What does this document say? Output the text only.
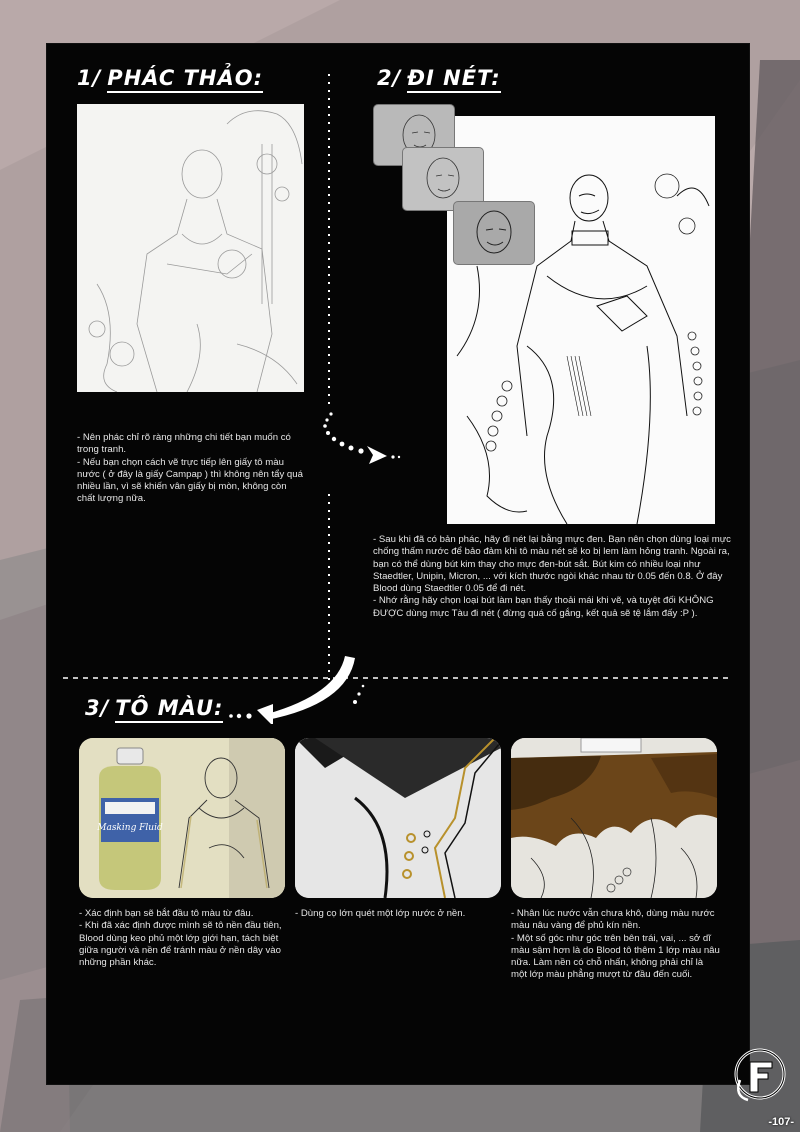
1/ PHÁC THẢO:

- Nên phác chỉ rõ ràng những chi tiết bạn muốn có trong tranh.

- Nếu bạn chọn cách vẽ trực tiếp lên giấy tô màu nước ( ở đây là giấy Campap ) thì không nên tẩy quá nhiều lần, vì sẽ khiến vân giấy bị mòn, không còn chất lượng nữa.

2/ ĐI NÉT:

- Sau khi đã có bản phác, hãy đi nét lại bằng mực đen. Bạn nên chọn dùng loại mực chống thấm nước để bảo đảm khi tô màu nét sẽ ko bị lem làm hỏng tranh. Ngoài ra, bạn có thể dùng bút kim thay cho mực đen-bút sắt. Bút kim có nhiều loại như Staedtler, Unipin, Micron, ... với kích thước ngòi khác nhau từ 0.05 đến 0.8. Ở đây Blood dùng Staedtler 0.05 để đi nét.

- Nhớ rằng hãy chọn loại bút làm bạn thấy thoải mái khi vẽ, và tuyệt đối KHÔNG ĐƯỢC dùng mực Tàu đi nét ( đừng quá cố gắng, kết quả sẽ tệ lắm đấy :P ).

3/ TÔ MÀU:
Masking Fluid

- Xác định bạn sẽ bắt đầu tô màu từ đâu.

- Khi đã xác định được mình sẽ tô nền đầu tiên, Blood dùng keo phủ một lớp giới hạn, tách biệt giữa người và nền để tránh màu ở nền dây vào những phần khác.

- Dùng cọ lớn quét một lớp nước ở nền.	- Nhân lúc nước vẫn chưa khô, dùng màu nước màu nâu vàng để phủ kín nền.

- Một số góc như góc trên bên trái, vai, ... sở dĩ màu sậm hơn là do Blood tô thêm 1 lớp màu nâu nữa. Làm nền có chỗ nhấn, không phải chỉ là một lớp màu phẳng mượt từ đầu đến cuối.

-107-
